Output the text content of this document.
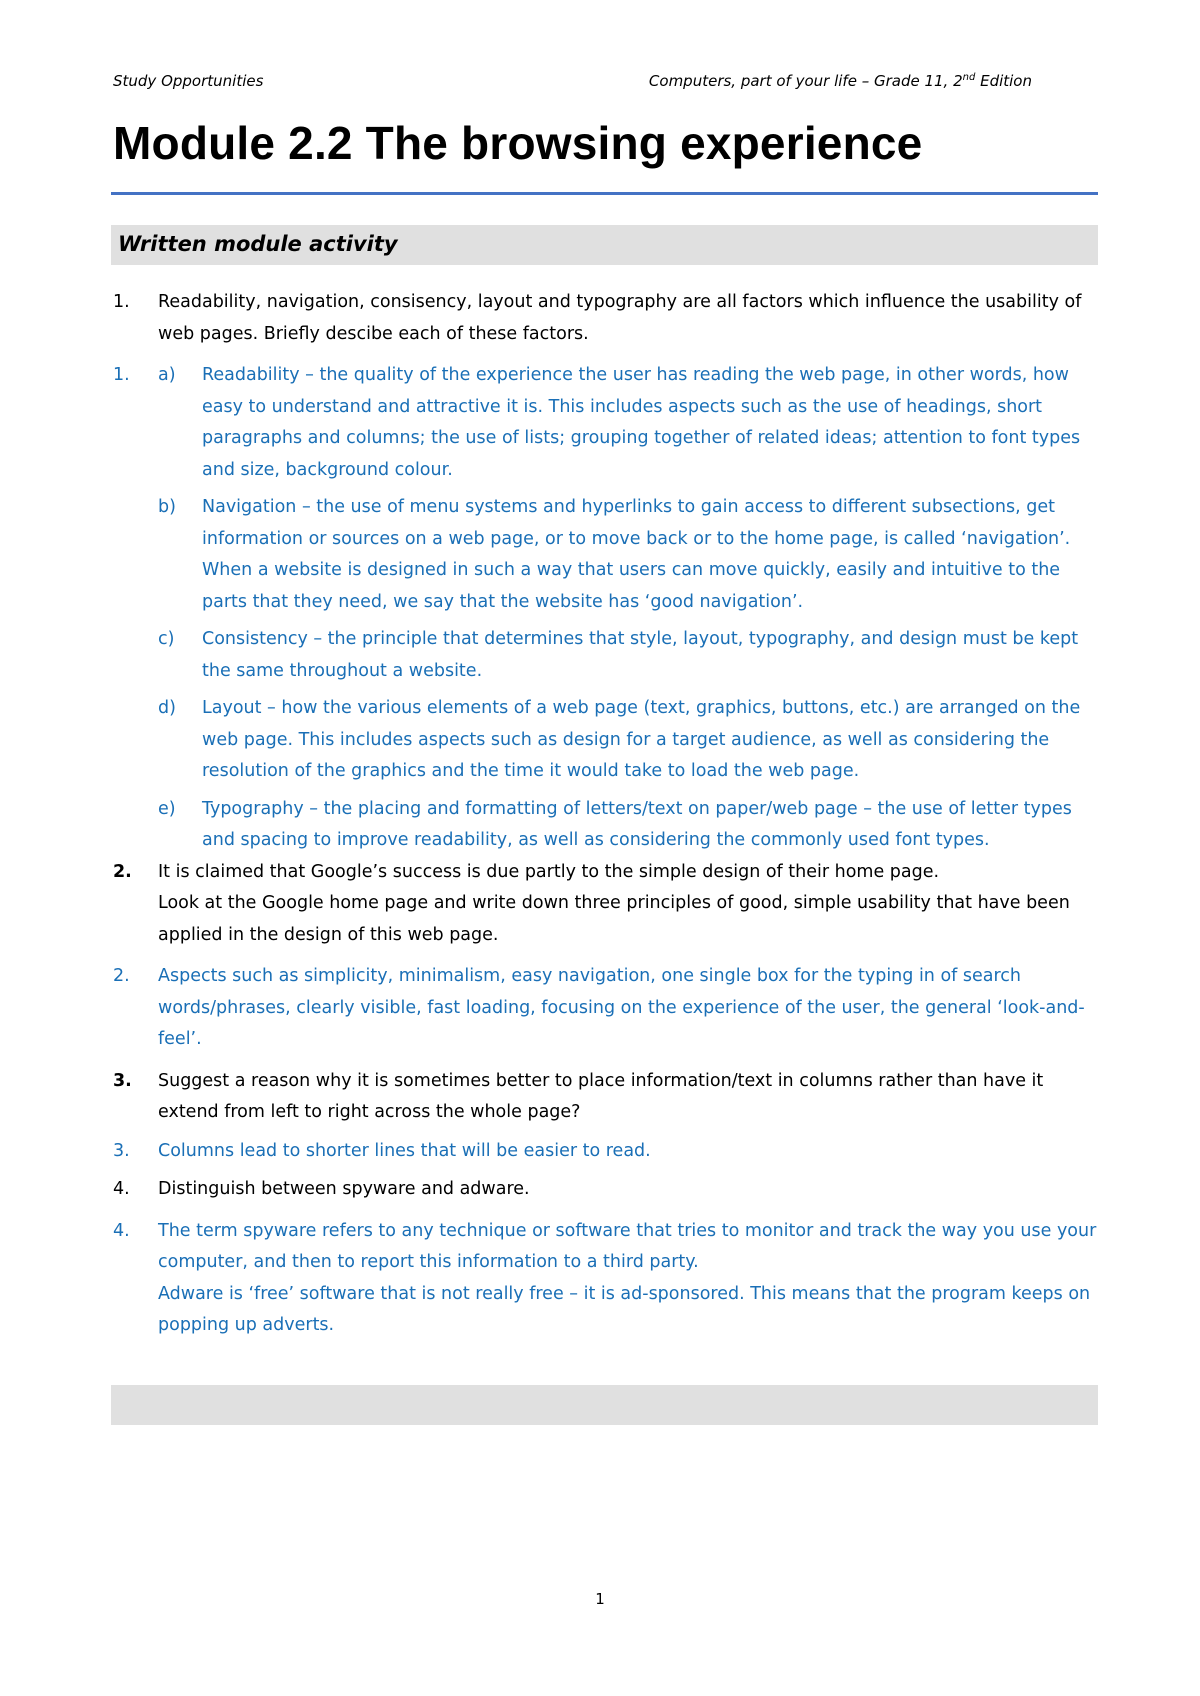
Study Opportunities	Computers, part of your life – Grade 11, 2nd Edition
Module 2.2 The browsing experience
Written module activity
1. Readability, navigation, consisency, layout and typography are all factors which influence the usability of web pages. Briefly descibe each of these factors.

1. a) Readability – the quality of the experience the user has reading the web page, in other words, how easy to understand and attractive it is. This includes aspects such as the use of headings, short paragraphs and columns; the use of lists; grouping together of related ideas; attention to font types and size, background colour.

b) Navigation – the use of menu systems and hyperlinks to gain access to different subsections, get information or sources on a web page, or to move back or to the home page, is called ‘navigation’. When a website is designed in such a way that users can move quickly, easily and intuitive to the parts that they need, we say that the website has ‘good navigation’.

c) Consistency – the principle that determines that style, layout, typography, and design must be kept the same throughout a website.

d) Layout – how the various elements of a web page (text, graphics, buttons, etc.) are arranged on the web page. This includes aspects such as design for a target audience, as well as considering the resolution of the graphics and the time it would take to load the web page.

e) Typography – the placing and formatting of letters/text on paper/web page – the use of letter types and spacing to improve readability, as well as considering the commonly used font types.

2. It is claimed that Google’s success is due partly to the simple design of their home page.

Look at the Google home page and write down three principles of good, simple usability that have been applied in the design of this web page.

2. Aspects such as simplicity, minimalism, easy navigation, one single box for the typing in of search words/phrases, clearly visible, fast loading, focusing on the experience of the user, the general ‘look-and-feel’.

3. Suggest a reason why it is sometimes better to place information/text in columns rather than have it extend from left to right across the whole page?

3. Columns lead to shorter lines that will be easier to read.

4. Distinguish between spyware and adware.

4. The term spyware refers to any technique or software that tries to monitor and track the way you use your computer, and then to report this information to a third party.

Adware is ‘free’ software that is not really free – it is ad-sponsored. This means that the program keeps on popping up adverts.

1
